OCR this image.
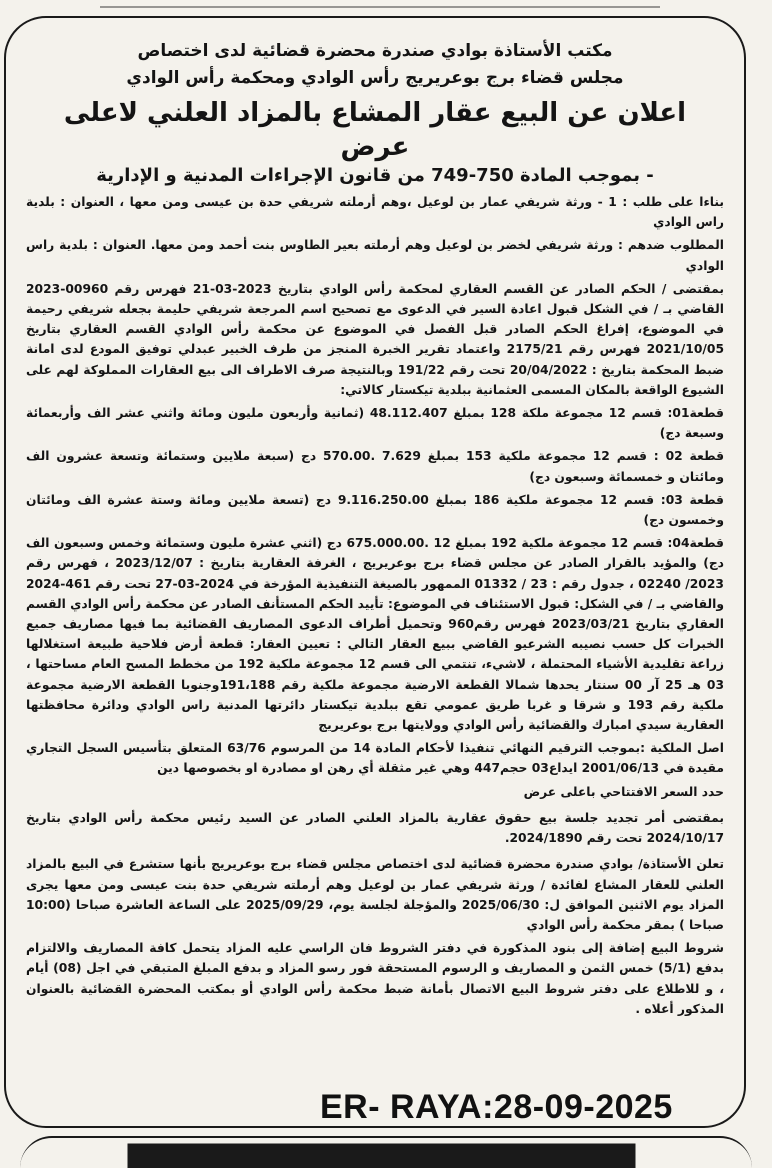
مكتب الأستاذة بوادي صندرة محضرة قضائية لدى اختصاص

مجلس قضاء برج بوعريريج رأس الوادي ومحكمة رأس الوادي

اعلان عن البيع عقار المشاع بالمزاد العلني لاعلى عرض

- بموجب المادة 750-749 من قانون الإجراءات المدنية و الإدارية

بناءا على طلب : 1 - ورثة شريفي عمار بن لوعيل ،وهم أرملته شريفي حدة بن عيسى ومن معها ، العنوان : بلدية راس الوادي

المطلوب ضدهم : ورثة شريفي لخضر بن لوعيل وهم أرملته بعير الطاوس بنت أحمد ومن معها. العنوان : بلدية راس الوادي

بمقتضى / الحكم الصادر عن القسم العقاري لمحكمة رأس الوادي بتاريخ 2023-03-21 فهرس رقم 00960-2023 القاضي بـ / في الشكل قبول اعادة السير في الدعوى مع تصحيح اسم المرجعة شريفي حليمة بجعله شريفي رحيمة في الموضوع، إفراغ الحكم الصادر قبل الفصل في الموضوع عن محكمة رأس الوادي القسم العقاري بتاريخ 2021/10/05 فهرس رقم 2175/21 واعتماد تقرير الخبرة المنجز من طرف الخبير عبدلي توفيق المودع لدى امانة ضبط المحكمة بتاريخ : 20/04/2022 تحت رقم 191/22 وبالنتيجة صرف الاطراف الى بيع العقارات المملوكة لهم على الشيوع الواقعة بالمكان المسمى العثمانية ببلدية تيكستار كالاتي:

قطعة01: قسم 12 مجموعة ملكة 128 بمبلغ 48.112.407 (ثمانية وأربعون مليون ومائة واثني عشر الف وأربعمائة وسبعة دج)

قطعة 02 : قسم 12 مجموعة ملكية 153 بمبلغ 7.629 .570.00 دج (سبعة ملايين وستمائة وتسعة عشرون الف ومائتان و خمسمائة وسبعون دج)

قطعة 03: قسم 12 مجموعة ملكية 186 بمبلغ 9.116.250.00 دج (تسعة ملايين ومائة وستة عشرة الف ومائتان وخمسون دج)

قطعة04: قسم 12 مجموعة ملكية 192 بمبلغ 12 .675.000.00 دج (اثني عشرة مليون وستمائة وخمس وسبعون الف دج) والمؤيد بالقرار الصادر عن مجلس قضاء برج بوعريريج ، الغرفة العقارية بتاريخ : 2023/12/07 ، فهرس رقم 2023/ 02240 ، جدول رقم : 23 / 01332 الممهور بالصيغة التنفيذية المؤرخة في 2024-03-27 تحت رقم 461-2024 والقاضي بـ / في الشكل: قبول الاستئناف في الموضوع: تأييد الحكم المستأنف الصادر عن محكمة رأس الوادي القسم العقاري بتاريخ 2023/03/21 فهرس رقم960 وتحميل أطراف الدعوى المصاريف القضائية بما فيها مصاريف جميع الخبرات كل حسب نصيبه الشرعيو القاضي ببيع العقار التالي : تعيين العقار: قطعة أرض فلاحية طبيعة استغلالها زراعة تقليدية الأشياء المحتملة ، لاشيء، تنتمي الى قسم 12 مجموعة ملكية 192 من مخطط المسح العام مساحتها ، 03 هـ 25 آر 00 سنتار يحدها شمالا القطعة الارضية مجموعة ملكية رقم 191،188وجنوبا القطعة الارضية مجموعة ملكية رقم 193 و شرقا و غربا طريق عمومي تقع ببلدية تيكستار دائرتها المدنية راس الوادي ودائرة محافظتها العقارية سيدي امبارك والقضائية رأس الوادي وولايتها برج بوعريريج

اصل الملكية :بموجب الترقيم النهائي تنفيذا لأحكام المادة 14 من المرسوم 63/76 المتعلق بتأسيس السجل التجاري مقيدة في 2001/06/13 ايداع03 حجم447 وهي غير مثقلة أي رهن او مصادرة او بخصوصها دين

حدد السعر الافتتاحي باعلى عرض

بمقتضى أمر تجديد جلسة بيع حقوق عقارية بالمزاد العلني الصادر عن السيد رئيس محكمة رأس الوادي بتاريخ 2024/10/17 تحت رقم 2024/1890.

تعلن الأستاذة/ بوادي صندرة محضرة قضائية لدى اختصاص مجلس قضاء برج بوعريريج بأنها ستشرع في البيع بالمزاد العلني للعقار المشاع لفائدة / ورثة شريفي عمار بن لوعيل وهم أرملته شريفي حدة بنت عيسى ومن معها يجرى المزاد يوم الاثنين الموافق ل: 2025/06/30 والمؤجلة لجلسة يوم، 2025/09/29 على الساعة العاشرة صباحا (10:00 صباحا ) بمقر محكمة رأس الوادي

شروط البيع إضافة إلى بنود المذكورة في دفتر الشروط فان الراسي عليه المزاد يتحمل كافة المصاريف والالتزام بدفع (5/1) خمس الثمن و المصاريف و الرسوم المستحقة فور رسو المزاد و بدفع المبلغ المتبقي في اجل (08) أيام ، و للاطلاع على دفتر شروط البيع الاتصال بأمانة ضبط محكمة رأس الوادي أو بمكتب المحضرة القضائية بالعنوان المذكور أعلاه .

ER- RAYA:28-09-2025
